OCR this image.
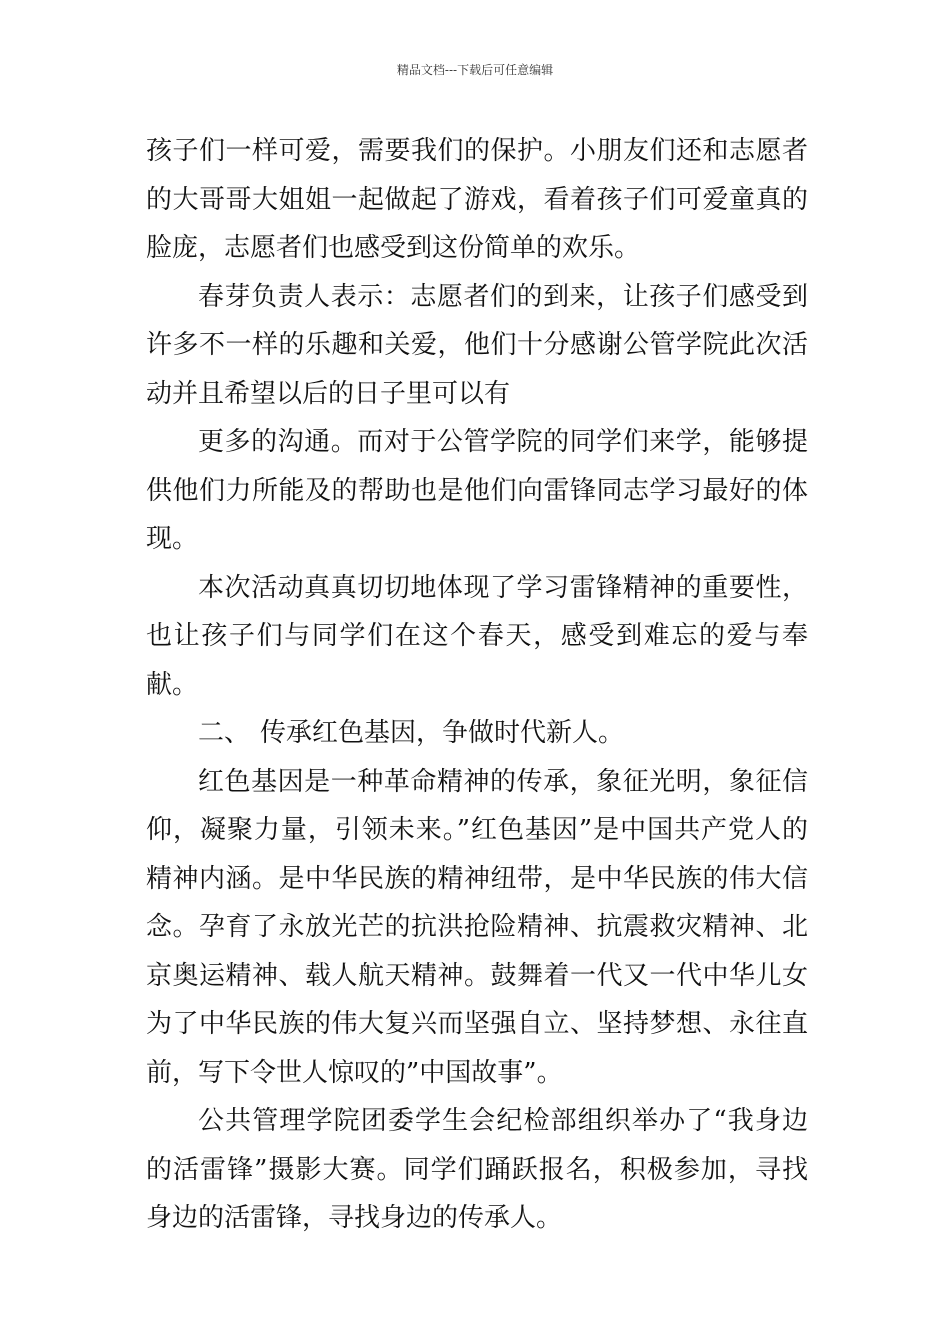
精品文档---下载后可任意编辑

孩子们一样可爱，需要我们的保护。小朋友们还和志愿者的大哥哥大姐姐一起做起了游戏，看着孩子们可爱童真的脸庞，志愿者们也感受到这份简单的欢乐。

春芽负责人表示：志愿者们的到来，让孩子们感受到许多不一样的乐趣和关爱，他们十分感谢公管学院此次活动并且希望以后的日子里可以有

更多的沟通。而对于公管学院的同学们来学，能够提供他们力所能及的帮助也是他们向雷锋同志学习最好的体现。

本次活动真真切切地体现了学习雷锋精神的重要性，也让孩子们与同学们在这个春天，感受到难忘的爱与奉献。

二、 传承红色基因，争做时代新人。

红色基因是一种革命精神的传承，象征光明，象征信仰，凝聚力量，引领未来。”红色基因”是中国共产党人的精神内涵。是中华民族的精神纽带，是中华民族的伟大信念。孕育了永放光芒的抗洪抢险精神、抗震救灾精神、北京奥运精神、载人航天精神。鼓舞着一代又一代中华儿女为了中华民族的伟大复兴而坚强自立、坚持梦想、永往直前，写下令世人惊叹的”中国故事”。

公共管理学院团委学生会纪检部组织举办了“我身边的活雷锋”摄影大赛。同学们踊跃报名，积极参加，寻找身边的活雷锋，寻找身边的传承人。
